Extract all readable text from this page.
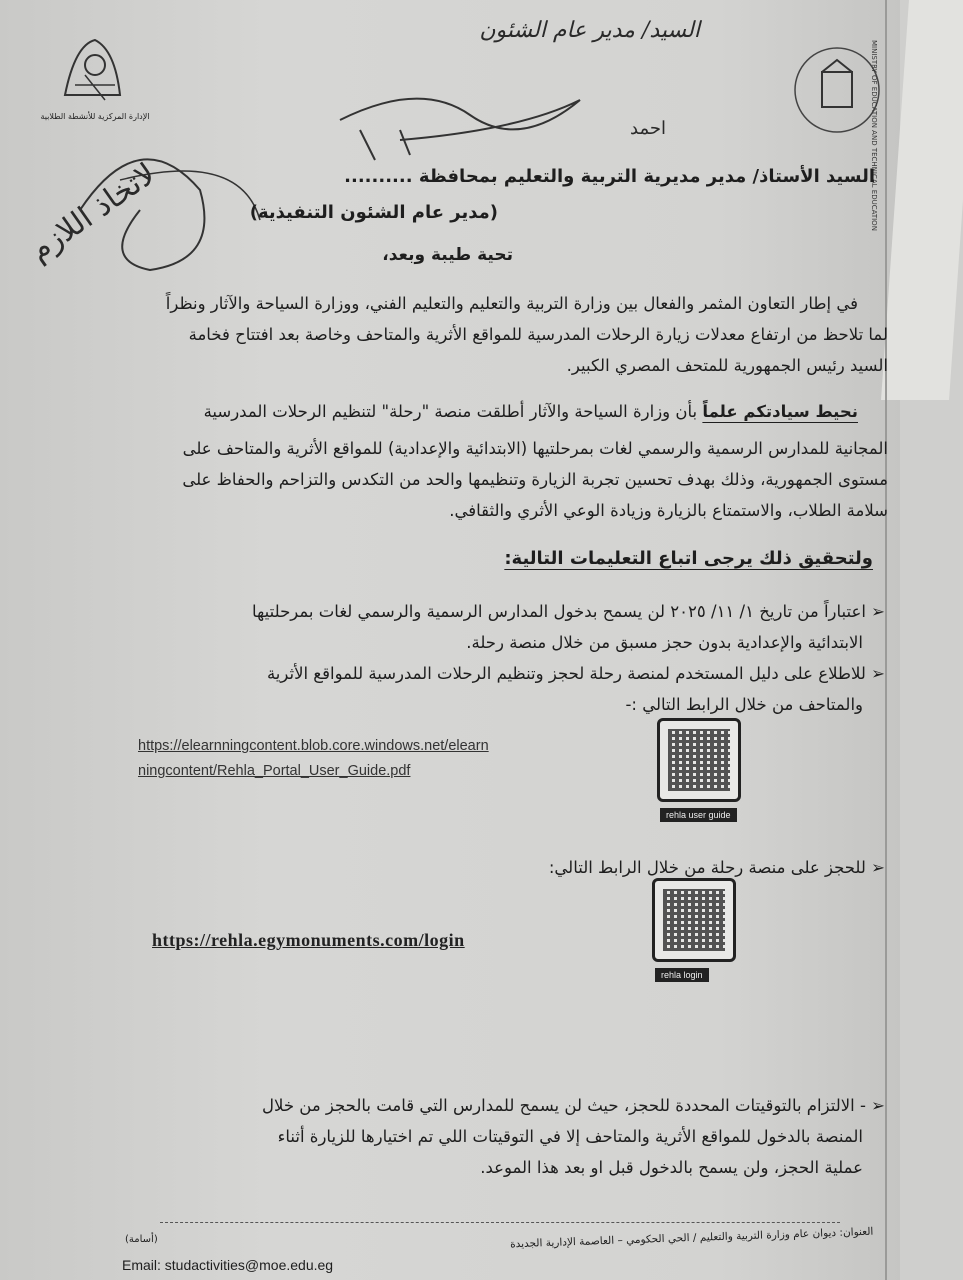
الإدارة المركزية للأنشطة الطلابية	MINISTRY OF EDUCATION AND TECHNICAL EDUCATION
السيد/ مدير عام الشئون
لاتخاذ اللازم
احمد
السيد الأستاذ/ مدير مديرية التربية والتعليم بمحافظة ..........
(مدير عام الشئون التنفيذية)
تحية طيبة وبعد،
في إطار التعاون المثمر والفعال بين وزارة التربية والتعليم والتعليم الفني، ووزارة السياحة والآثار ونظراً
لما تلاحظ من ارتفاع معدلات زيارة الرحلات المدرسية للمواقع الأثرية والمتاحف وخاصة بعد افتتاح فخامة
السيد رئيس الجمهورية للمتحف المصري الكبير.
نحيط سيادتكم علماً بأن وزارة السياحة والآثار أطلقت منصة "رحلة" لتنظيم الرحلات المدرسية
المجانية للمدارس الرسمية والرسمي لغات بمرحلتيها (الابتدائية والإعدادية) للمواقع الأثرية والمتاحف على
مستوى الجمهورية، وذلك بهدف تحسين تجربة الزيارة وتنظيمها والحد من التكدس والتزاحم والحفاظ على
سلامة الطلاب، والاستمتاع بالزيارة وزيادة الوعي الأثري والثقافي.
ولتحقيق ذلك يرجى اتباع التعليمات التالية:
➢ اعتباراً من تاريخ ١/ ١١/ ٢٠٢٥ لن يسمح بدخول المدارس الرسمية والرسمي لغات بمرحلتيها
الابتدائية والإعدادية بدون حجز مسبق من خلال منصة رحلة.
➢ للاطلاع على دليل المستخدم لمنصة رحلة لحجز وتنظيم الرحلات المدرسية للمواقع الأثرية
والمتاحف من خلال الرابط التالي :-
https://elearnningcontent.blob.core.windows.net/elearn
ningcontent/Rehla_Portal_User_Guide.pdf
rehla user guide
➢ للحجز على منصة رحلة من خلال الرابط التالي:
https://rehla.egymonuments.com/login
rehla login
➢ - الالتزام بالتوقيتات المحددة للحجز، حيث لن يسمح للمدارس التي قامت بالحجز من خلال
المنصة بالدخول للمواقع الأثرية والمتاحف إلا في التوقيتات اللي تم اختيارها للزيارة أثناء
عملية الحجز، ولن يسمح بالدخول قبل او بعد هذا الموعد.
العنوان: ديوان عام وزارة التربية والتعليم / الحي الحكومي – العاصمة الإدارية الجديدة
(أسامة)
Email: studactivities@moe.edu.eg
